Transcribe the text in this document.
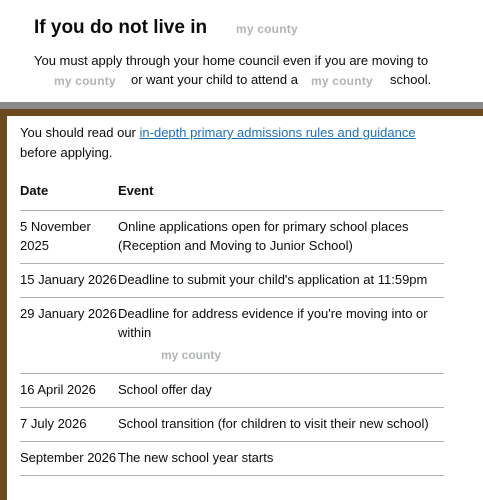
If you do not live in my county
You must apply through your home council even if you are moving to
my county or want your child to attend a my county school.

You should read our in-depth primary admissions rules and guidance before applying.

Date	Event
5 November 2025	Online applications open for primary school places (Reception and Moving to Junior School)
15 January 2026	Deadline to submit your child's application at 11:59pm
29 January 2026	Deadline for address evidence if you're moving into or within
my county

16 April 2026	School offer day
7 July 2026	School transition (for children to visit their new school)
September 2026	The new school year starts
